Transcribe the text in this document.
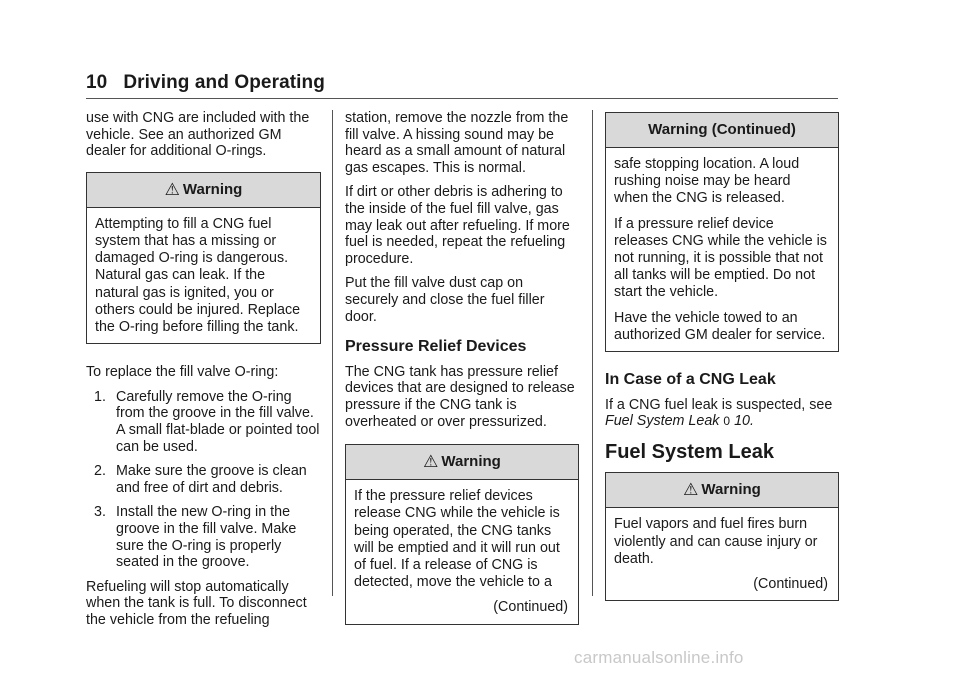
10 Driving and Operating

use with CNG are included with the vehicle. See an authorized GM dealer for additional O-rings.

⚠ Warning

Attempting to fill a CNG fuel system that has a missing or damaged O-ring is dangerous. Natural gas can leak. If the natural gas is ignited, you or others could be injured. Replace the O-ring before filling the tank.

To replace the fill valve O-ring:

1. Carefully remove the O-ring from the groove in the fill valve. A small flat-blade or pointed tool can be used.
2. Make sure the groove is clean and free of dirt and debris.
3. Install the new O-ring in the groove in the fill valve. Make sure the O-ring is properly seated in the groove.

Refueling will stop automatically when the tank is full. To disconnect the vehicle from the refueling

station, remove the nozzle from the fill valve. A hissing sound may be heard as a small amount of natural gas escapes. This is normal.

If dirt or other debris is adhering to the inside of the fuel fill valve, gas may leak out after refueling. If more fuel is needed, repeat the refueling procedure.

Put the fill valve dust cap on securely and close the fuel filler door.

Pressure Relief Devices

The CNG tank has pressure relief devices that are designed to release pressure if the CNG tank is overheated or over pressurized.

⚠ Warning

If the pressure relief devices release CNG while the vehicle is being operated, the CNG tanks will be emptied and it will run out of fuel. If a release of CNG is detected, move the vehicle to a

(Continued)
Warning (Continued)

safe stopping location. A loud rushing noise may be heard when the CNG is released.

If a pressure relief device releases CNG while the vehicle is not running, it is possible that not all tanks will be emptied. Do not start the vehicle.

Have the vehicle towed to an authorized GM dealer for service.

In Case of a CNG Leak

If a CNG fuel leak is suspected, see Fuel System Leak 0 10.

Fuel System Leak
⚠ Warning

Fuel vapors and fuel fires burn violently and can cause injury or death.

(Continued)
carmanualsonline.info
